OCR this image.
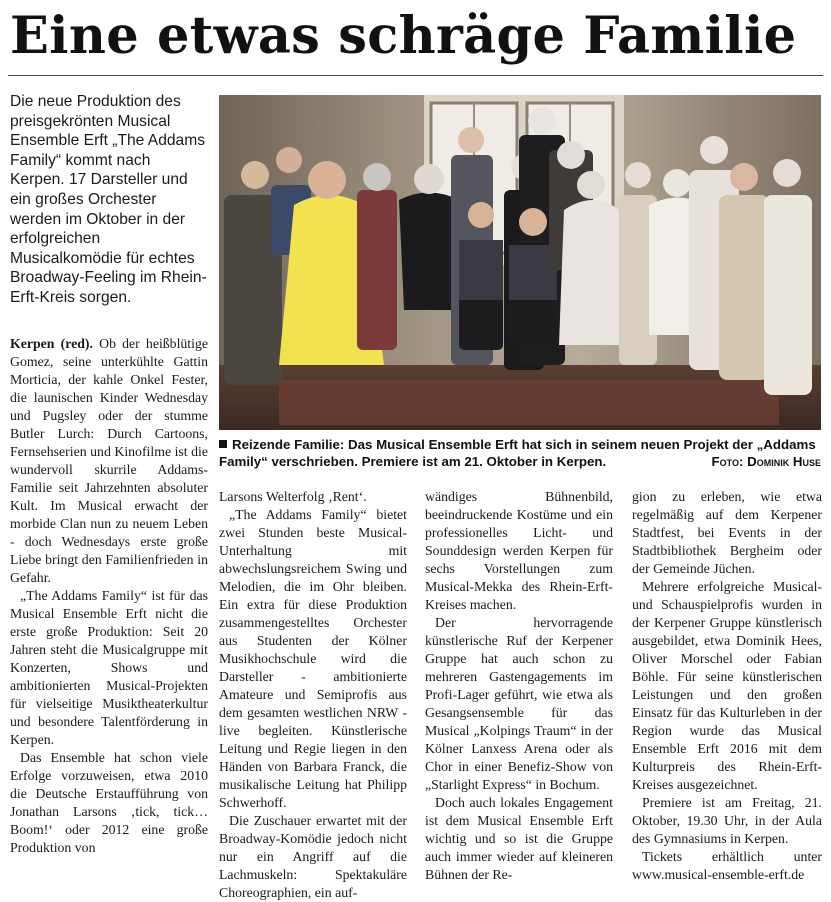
Eine etwas schräge Familie

Die neue Produktion des preisgekrönten Musical Ensemble Erft „The Addams Family“ kommt nach Kerpen. 17 Darsteller und ein großes Orchester werden im Oktober in der erfolgreichen Musicalkomödie für echtes Broadway-Feeling im Rhein-Erft-Kreis sorgen.

Reizende Familie: Das Musical Ensemble Erft hat sich in seinem neuen Projekt der „Addams Family“ verschrieben. Premiere ist am 21. Oktober in Kerpen.	Foto: Dominik Huse

Kerpen (red). Ob der heißblütige Gomez, seine unterkühlte Gattin Morticia, der kahle Onkel Fester, die launischen Kinder Wednesday und Pugsley oder der stumme Butler Lurch: Durch Cartoons, Fernsehserien und Kinofilme ist die wundervoll skurrile Addams-Familie seit Jahrzehnten absoluter Kult. Im Musical erwacht der morbide Clan nun zu neuem Leben - doch Wednesdays erste große Liebe bringt den Familienfrieden in Gefahr.

„The Addams Family“ ist für das Musical Ensemble Erft nicht die erste große Produktion: Seit 20 Jahren steht die Musicalgruppe mit Konzerten, Shows und ambitionierten Musical-Projekten für vielseitige Musiktheaterkultur und besondere Talentförderung in Kerpen.

Das Ensemble hat schon viele Erfolge vorzuweisen, etwa 2010 die Deutsche Erstaufführung von Jonathan Larsons ‚tick, tick…Boom!‘ oder 2012 eine große Produktion von

Larsons Welterfolg ‚Rent‘.

„The Addams Family“ bietet zwei Stunden beste Musical-Unterhaltung mit abwechslungsreichem Swing und Melodien, die im Ohr bleiben. Ein extra für diese Produktion zusammengestelltes Orchester aus Studenten der Kölner Musikhochschule wird die Darsteller - ambitionierte Amateure und Semiprofis aus dem gesamten westlichen NRW - live begleiten. Künstlerische Leitung und Regie liegen in den Händen von Barbara Franck, die musikalische Leitung hat Philipp Schwerhoff.

Die Zuschauer erwartet mit der Broadway-Komödie jedoch nicht nur ein Angriff auf die Lachmuskeln: Spektakuläre Choreographien, ein auf-

wändiges Bühnenbild, beeindruckende Kostüme und ein professionelles Licht- und Sounddesign werden Kerpen für sechs Vorstellungen zum Musical-Mekka des Rhein-Erft-Kreises machen.

Der hervorragende künstlerische Ruf der Kerpener Gruppe hat auch schon zu mehreren Gastengagements im Profi-Lager geführt, wie etwa als Gesangsensemble für das Musical „Kolpings Traum“ in der Kölner Lanxess Arena oder als Chor in einer Benefiz-Show von „Starlight Express“ in Bochum.

Doch auch lokales Engagement ist dem Musical Ensemble Erft wichtig und so ist die Gruppe auch immer wieder auf kleineren Bühnen der Re-

gion zu erleben, wie etwa regelmäßig auf dem Kerpener Stadtfest, bei Events in der Stadtbibliothek Bergheim oder der Gemeinde Jüchen.

Mehrere erfolgreiche Musical- und Schauspielprofis wurden in der Kerpener Gruppe künstlerisch ausgebildet, etwa Dominik Hees, Oliver Morschel oder Fabian Böhle. Für seine künstlerischen Leistungen und den großen Einsatz für das Kulturleben in der Region wurde das Musical Ensemble Erft 2016 mit dem Kulturpreis des Rhein-Erft-Kreises ausgezeichnet.

Premiere ist am Freitag, 21. Oktober, 19.30 Uhr, in der Aula des Gymnasiums in Kerpen.

Tickets erhältlich unter www.musical-ensemble-erft.de
